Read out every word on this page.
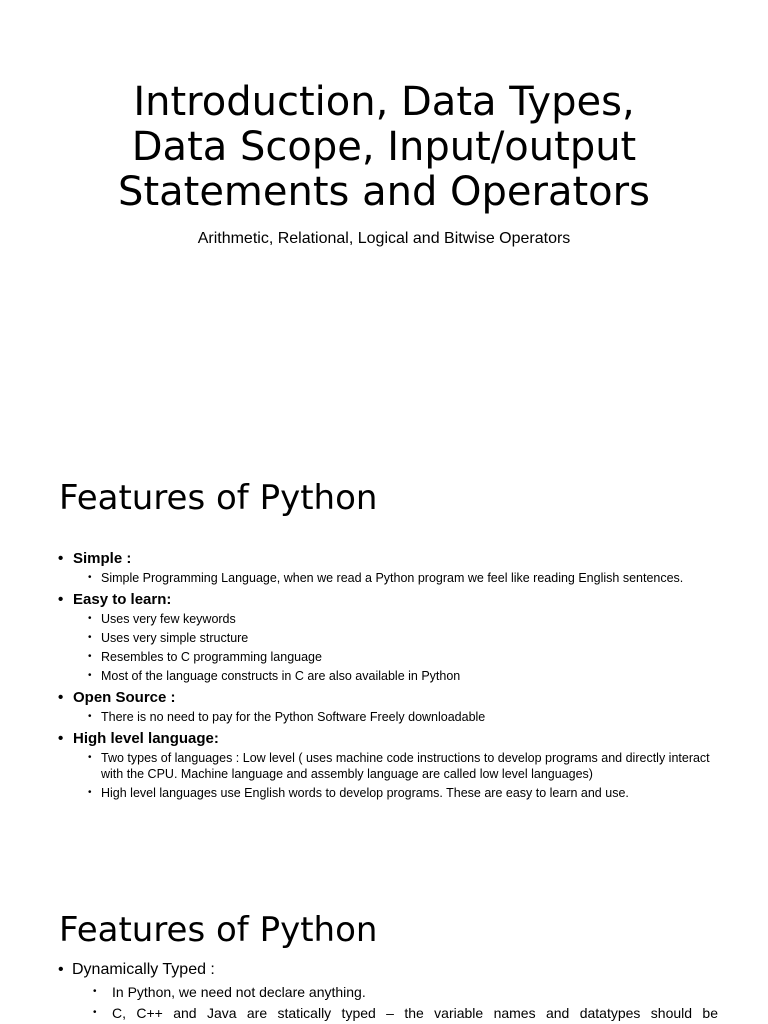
Introduction, Data Types,
Data Scope, Input/output
Statements and Operators
Arithmetic, Relational, Logical and Bitwise Operators
Features of Python
• Simple :
• Simple Programming Language, when we read a Python program we feel like reading English sentences.
• Easy to learn:
• Uses very few keywords
• Uses very simple structure
• Resembles to C programming language
• Most of the language constructs in C are also available in Python
• Open Source :
• There is no need to pay for the Python Software Freely downloadable
• High level language:
• Two types of languages : Low level ( uses machine code instructions to develop programs and directly interact with the CPU. Machine language and assembly language are called low level languages)
• High level languages use English words to develop programs. These are easy to learn and use.
Features of Python
• Dynamically Typed :
• In Python, we need not declare anything.
• C, C++ and Java are statically typed – the variable names and datatypes should be
